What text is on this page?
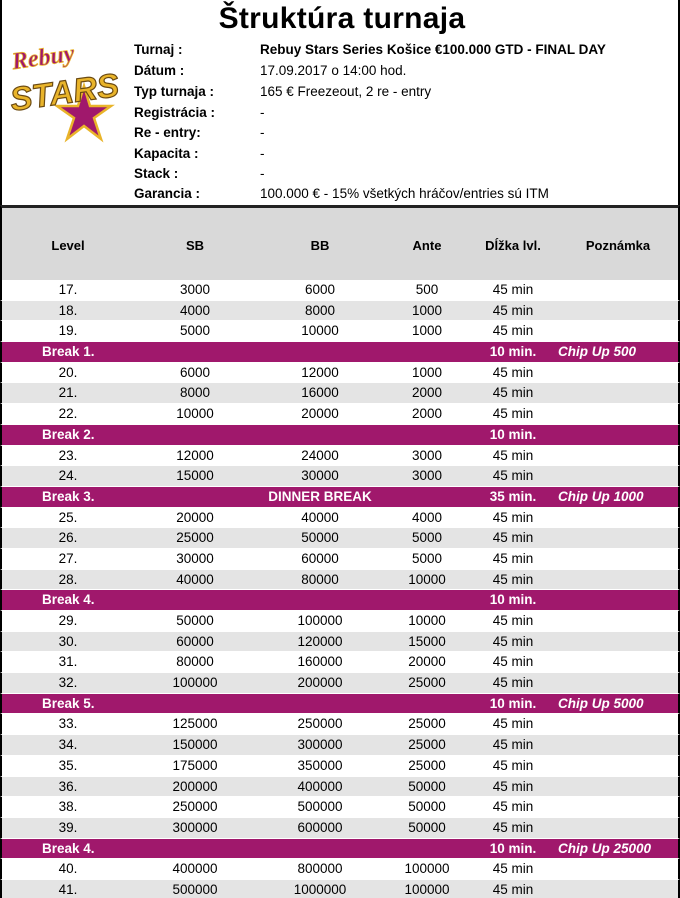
Štruktúra turnaja
Rebuy
STARS
Turnaj :	Rebuy Stars Series Košice €100.000 GTD - FINAL DAY
Dátum :	17.09.2017 o 14:00 hod.
Typ turnaja :	165 € Freezeout, 2 re - entry
Registrácia :	-
Re - entry:	-
Kapacita :	-
Stack :	-
Garancia :	100.000 € - 15% všetkých hráčov/entries sú ITM
Level	SB	BB	Ante	Dĺžka lvl.	Poznámka
17.	3000	6000	500	45 min
18.	4000	8000	1000	45 min
19.	5000	10000	1000	45 min
Break 1.	10 min.	Chip Up 500
20.	6000	12000	1000	45 min
21.	8000	16000	2000	45 min
22.	10000	20000	2000	45 min
Break 2.	10 min.
23.	12000	24000	3000	45 min
24.	15000	30000	3000	45 min
Break 3.	DINNER BREAK	35 min.	Chip Up 1000
25.	20000	40000	4000	45 min
26.	25000	50000	5000	45 min
27.	30000	60000	5000	45 min
28.	40000	80000	10000	45 min
Break 4.	10 min.
29.	50000	100000	10000	45 min
30.	60000	120000	15000	45 min
31.	80000	160000	20000	45 min
32.	100000	200000	25000	45 min
Break 5.	10 min.	Chip Up 5000
33.	125000	250000	25000	45 min
34.	150000	300000	25000	45 min
35.	175000	350000	25000	45 min
36.	200000	400000	50000	45 min
38.	250000	500000	50000	45 min
39.	300000	600000	50000	45 min
Break 4.	10 min.	Chip Up 25000
40.	400000	800000	100000	45 min
41.	500000	1000000	100000	45 min
